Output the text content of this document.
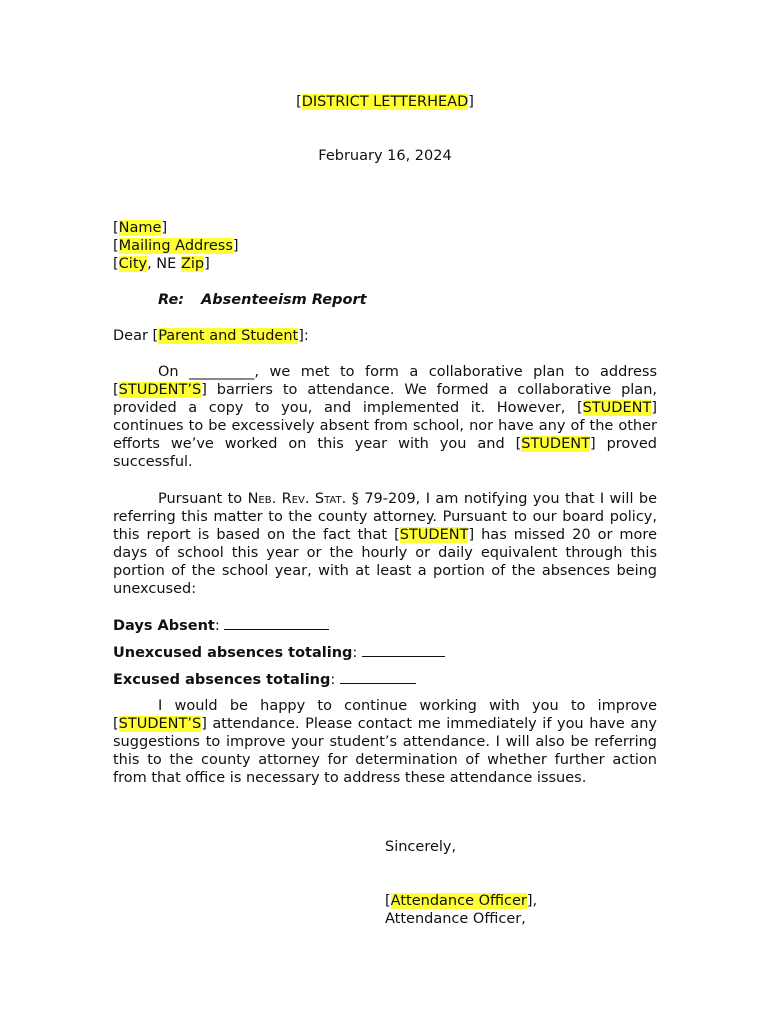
[DISTRICT LETTERHEAD]
February 16, 2024
[Name]
[Mailing Address]
[City, NE Zip]
Re: Absenteeism Report
Dear [Parent and Student]:
On _________, we met to form a collaborative plan to address [STUDENT’S] barriers to attendance. We formed a collaborative plan, provided a copy to you, and implemented it. However, [STUDENT] continues to be excessively absent from school, nor have any of the other efforts we’ve worked on this year with you and [STUDENT] proved successful.
Pursuant to Neb. Rev. Stat. § 79-209, I am notifying you that I will be referring this matter to the county attorney. Pursuant to our board policy, this report is based on the fact that [STUDENT] has missed 20 or more days of school this year or the hourly or daily equivalent through this portion of the school year, with at least a portion of the absences being unexcused:
Days Absent:
Unexcused absences totaling:
Excused absences totaling:
I would be happy to continue working with you to improve [STUDENT’S] attendance. Please contact me immediately if you have any suggestions to improve your student’s attendance. I will also be referring this to the county attorney for determination of whether further action from that office is necessary to address these attendance issues.
Sincerely,
[Attendance Officer],
Attendance Officer,
